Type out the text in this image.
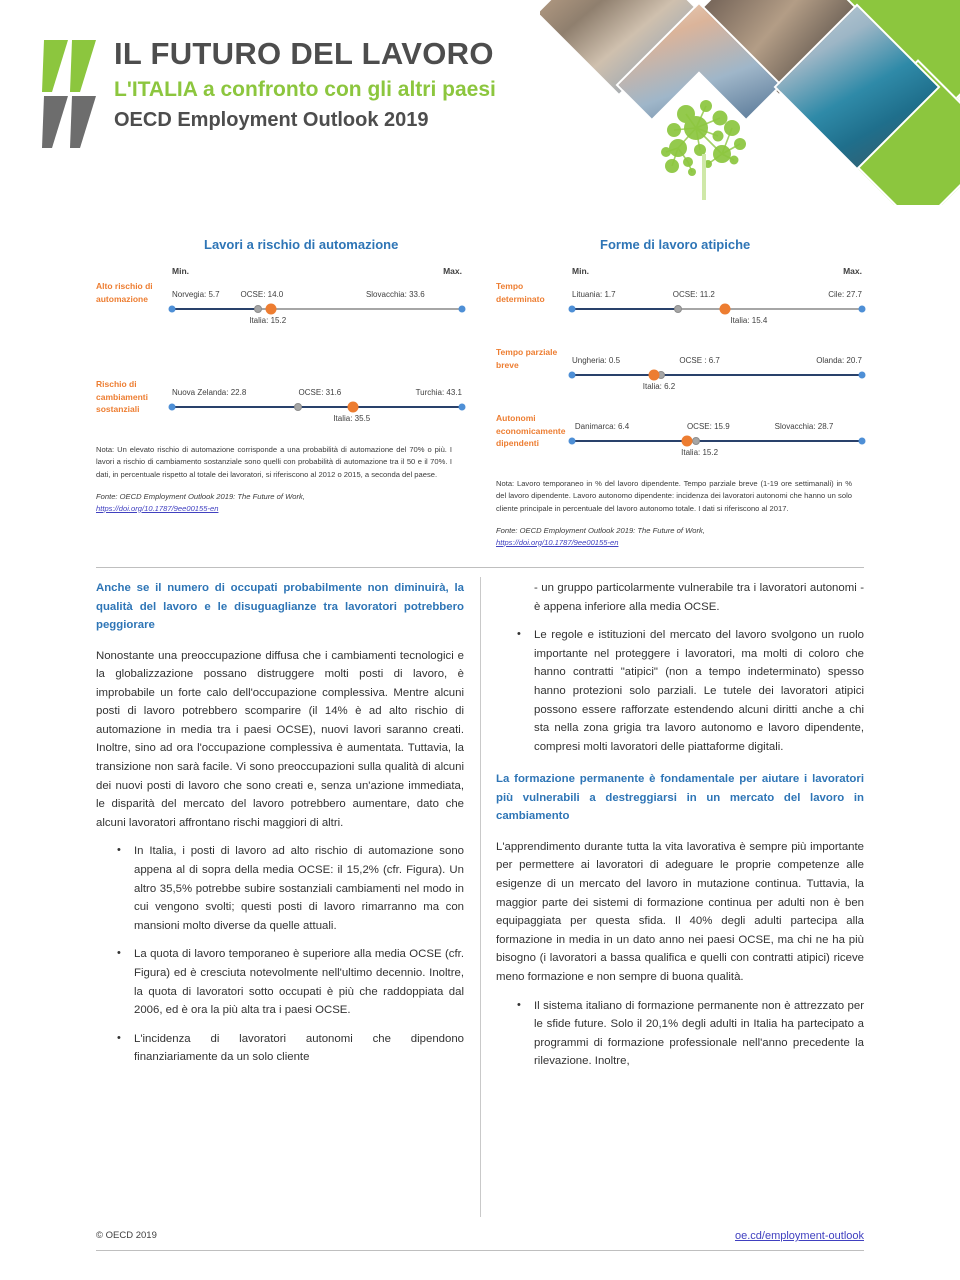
IL FUTURO DEL LAVORO
L'ITALIA a confronto con gli altri paesi
OECD Employment Outlook 2019
Lavori a rischio di automazione
Min.	Max.
Alto rischio di automazione	Norvegia: 5.7	OCSE: 14.0
Italia: 15.2
Slovacchia: 33.6
Rischio di cambiamenti sostanziali
Nuova Zelanda: 22.8	OCSE: 31.6
Italia: 35.5
Turchia: 43.1

Nota: Un elevato rischio di automazione corrisponde a una probabilità di automazione del 70% o più. I lavori a rischio di cambiamento sostanziale sono quelli con probabilità di automazione tra il 50 e il 70%. I dati, in percentuale rispetto al totale dei lavoratori, si riferiscono al 2012 o 2015, a seconda del paese.

Fonte: OECD Employment Outlook 2019: The Future of Work,
https://doi.org/10.1787/9ee00155-en

Forme di lavoro atipiche
Min.	Max.
Tempo determinato	Lituania: 1.7	OCSE: 11.2
Italia: 15.4
Cile: 27.7
Tempo parziale breve	Ungheria: 0.5	OCSE : 6.7
Italia: 6.2
Olanda: 20.7
Autonomi economicamente dipendenti
Danimarca: 6.4	OCSE: 15.9
Italia: 15.2
Slovacchia: 28.7

Nota: Lavoro temporaneo in % del lavoro dipendente. Tempo parziale breve (1-19 ore settimanali) in % del lavoro dipendente. Lavoro autonomo dipendente: incidenza dei lavoratori autonomi che hanno un solo cliente principale in percentuale del lavoro autonomo totale. I dati si riferiscono al 2017.

Fonte: OECD Employment Outlook 2019: The Future of Work,
https://doi.org/10.1787/9ee00155-en

Anche se il numero di occupati probabilmente non diminuirà, la qualità del lavoro e le disuguaglianze tra lavoratori potrebbero peggiorare

Nonostante una preoccupazione diffusa che i cambiamenti tecnologici e la globalizzazione possano distruggere molti posti di lavoro, è improbabile un forte calo dell'occupazione complessiva. Mentre alcuni posti di lavoro potrebbero scomparire (il 14% è ad alto rischio di automazione in media tra i paesi OCSE), nuovi lavori saranno creati. Inoltre, sino ad ora l'occupazione complessiva è aumentata. Tuttavia, la transizione non sarà facile. Vi sono preoccupazioni sulla qualità di alcuni dei nuovi posti di lavoro che sono creati e, senza un'azione immediata, le disparità del mercato del lavoro potrebbero aumentare, dato che alcuni lavoratori affrontano rischi maggiori di altri.

• In Italia, i posti di lavoro ad alto rischio di automazione sono appena al di sopra della media OCSE: il 15,2% (cfr. Figura). Un altro 35,5% potrebbe subire sostanziali cambiamenti nel modo in cui vengono svolti; questi posti di lavoro rimarranno ma con mansioni molto diverse da quelle attuali.
• La quota di lavoro temporaneo è superiore alla media OCSE (cfr. Figura) ed è cresciuta notevolmente nell'ultimo decennio. Inoltre, la quota di lavoratori sotto occupati è più che raddoppiata dal 2006, ed è ora la più alta tra i paesi OCSE.
• L'incidenza di lavoratori autonomi che dipendono finanziariamente da un solo cliente

- un gruppo particolarmente vulnerabile tra i lavoratori autonomi - è appena inferiore alla media OCSE.

• Le regole e istituzioni del mercato del lavoro svolgono un ruolo importante nel proteggere i lavoratori, ma molti di coloro che hanno contratti "atipici" (non a tempo indeterminato) spesso hanno protezioni solo parziali. Le tutele dei lavoratori atipici possono essere rafforzate estendendo alcuni diritti anche a chi sta nella zona grigia tra lavoro autonomo e lavoro dipendente, compresi molti lavoratori delle piattaforme digitali.

La formazione permanente è fondamentale per aiutare i lavoratori più vulnerabili a destreggiarsi in un mercato del lavoro in cambiamento

L'apprendimento durante tutta la vita lavorativa è sempre più importante per permettere ai lavoratori di adeguare le proprie competenze alle esigenze di un mercato del lavoro in mutazione continua. Tuttavia, la maggior parte dei sistemi di formazione continua per adulti non è ben equipaggiata per questa sfida. Il 40% degli adulti partecipa alla formazione in media in un dato anno nei paesi OCSE, ma chi ne ha più bisogno (i lavoratori a bassa qualifica e quelli con contratti atipici) riceve meno formazione e non sempre di buona qualità.

• Il sistema italiano di formazione permanente non è attrezzato per le sfide future. Solo il 20,1% degli adulti in Italia ha partecipato a programmi di formazione professionale nell'anno precedente la rilevazione. Inoltre,
© OECD 2019	oe.cd/employment-outlook
